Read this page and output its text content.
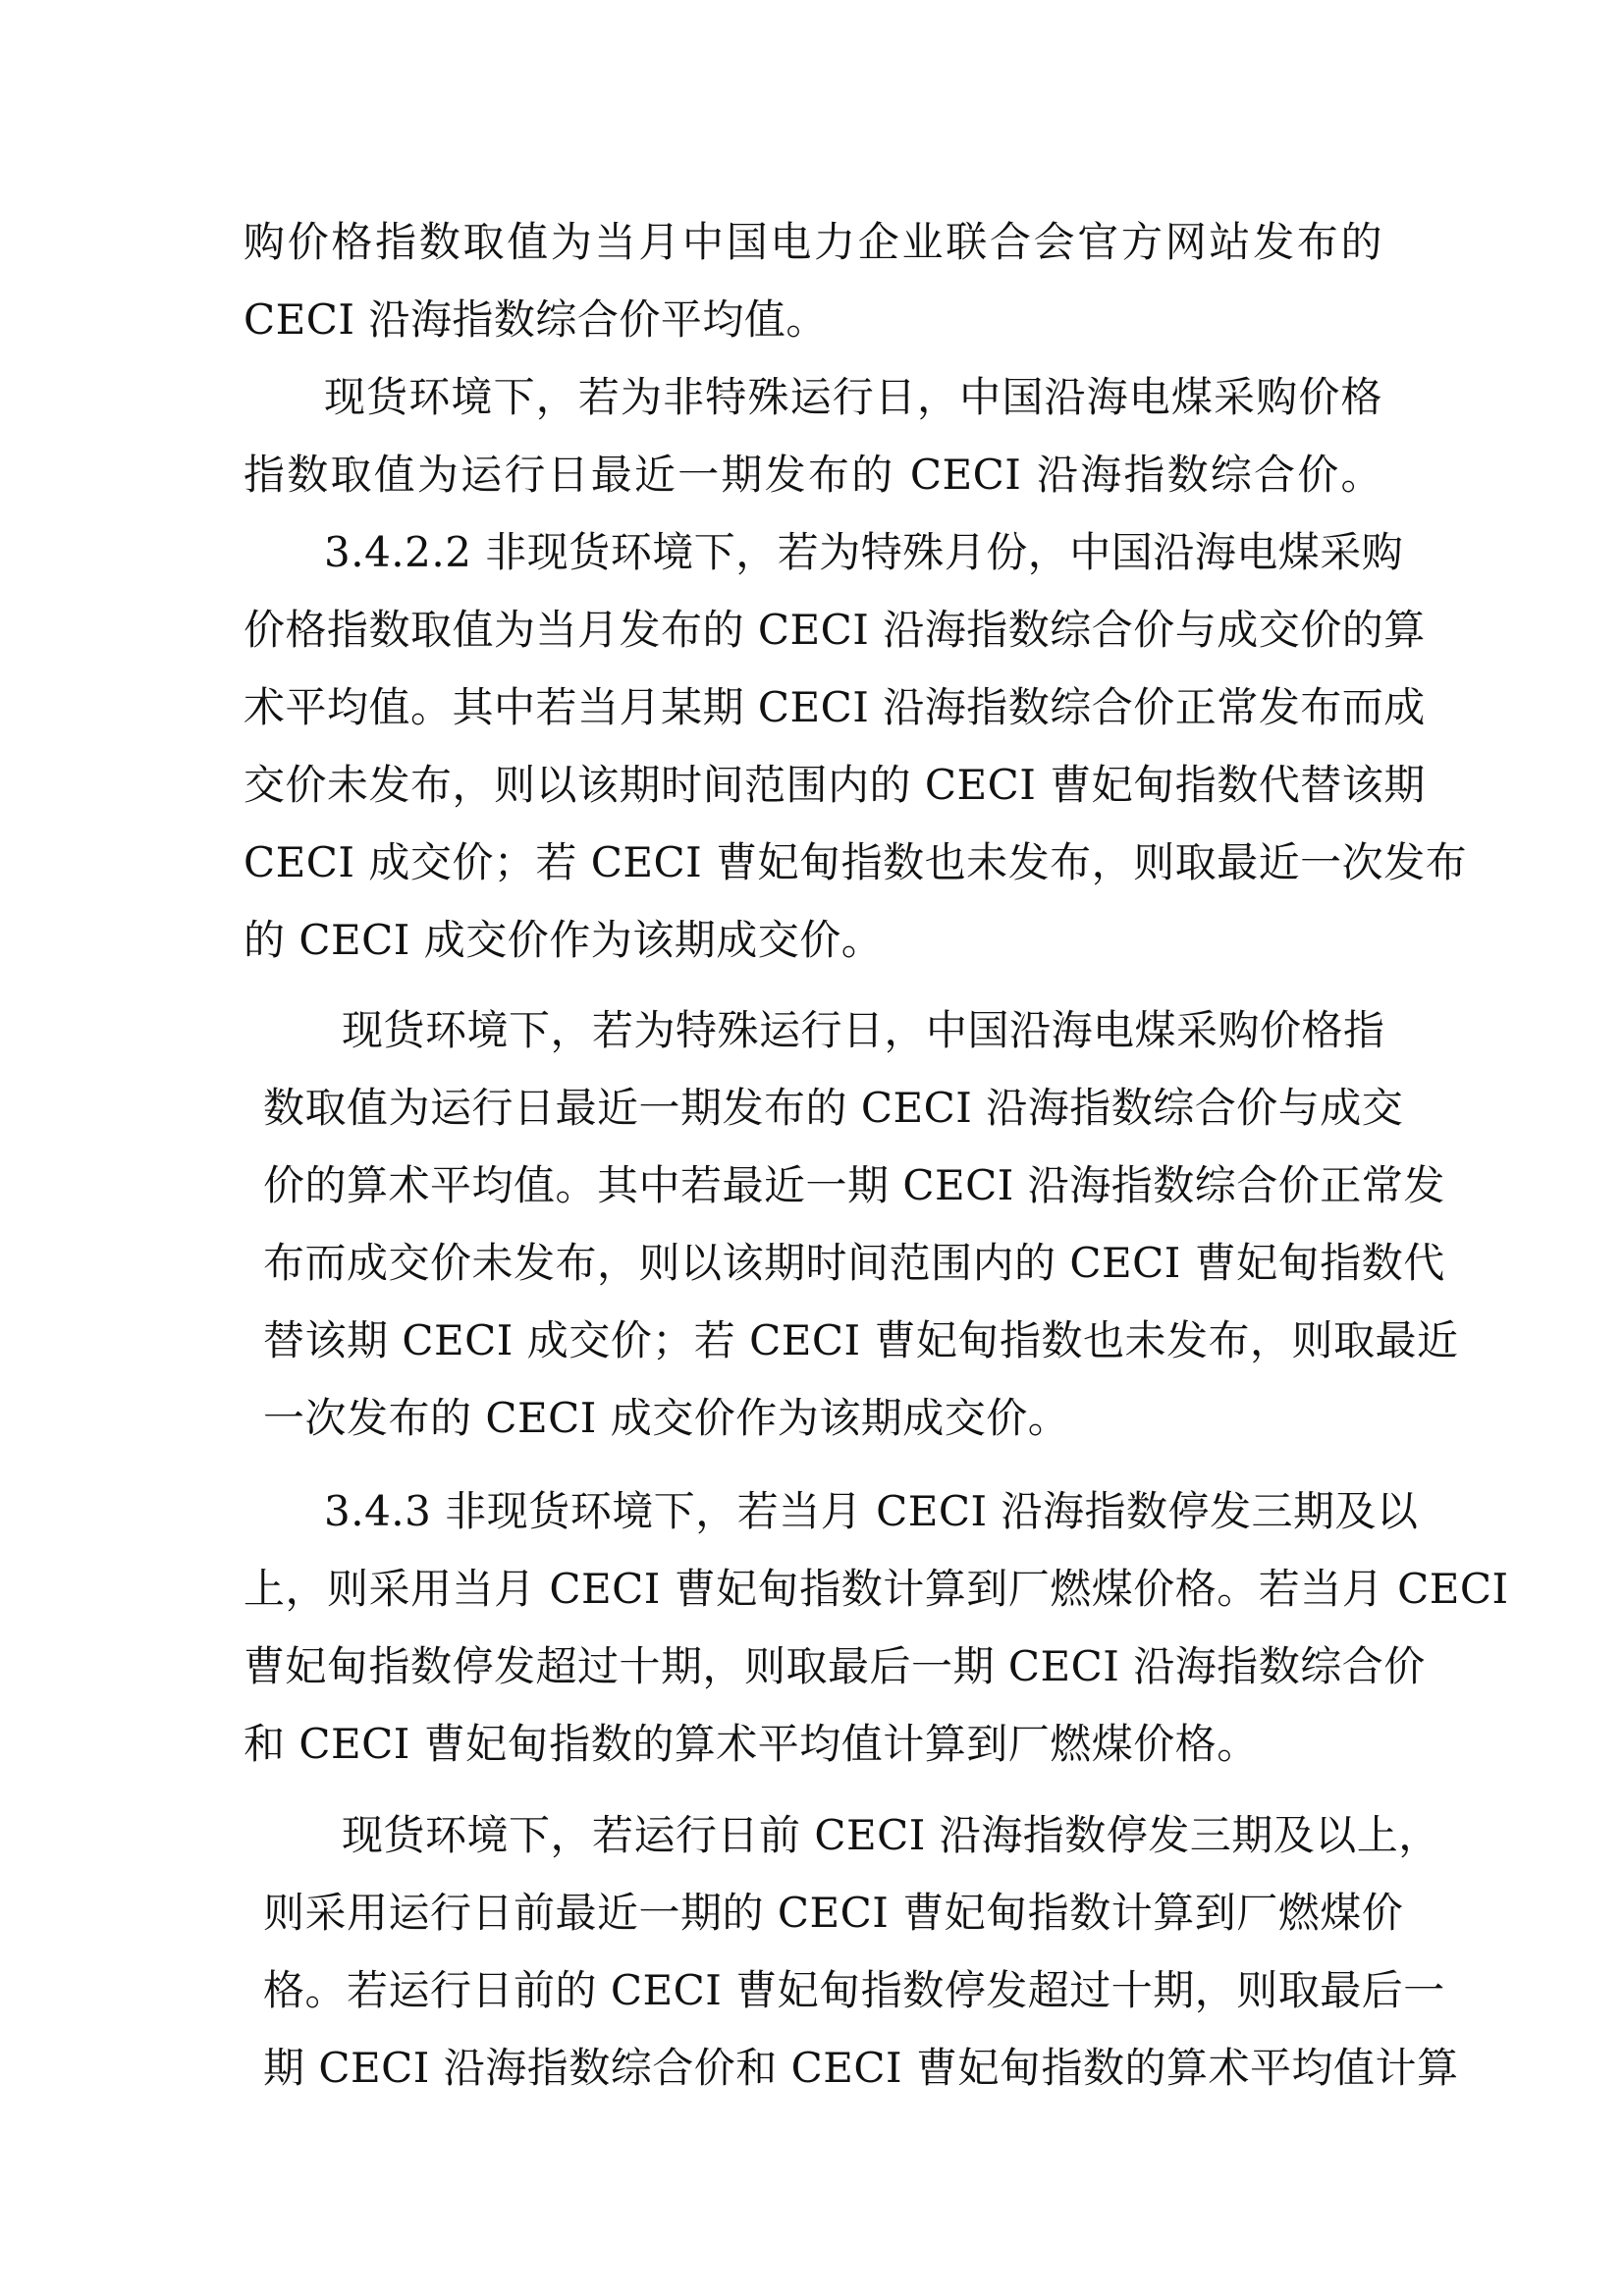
购价格指数取值为当月中国电力企业联合会官方网站发布的
CECI 沿海指数综合价平均值。
现货环境下，若为非特殊运行日，中国沿海电煤采购价格
指数取值为运行日最近一期发布的 CECI 沿海指数综合价。
3.4.2.2 非现货环境下，若为特殊月份，中国沿海电煤采购
价格指数取值为当月发布的 CECI 沿海指数综合价与成交价的算
术平均值。其中若当月某期 CECI 沿海指数综合价正常发布而成
交价未发布，则以该期时间范围内的 CECI 曹妃甸指数代替该期
CECI 成交价；若 CECI 曹妃甸指数也未发布，则取最近一次发布
的 CECI 成交价作为该期成交价。
现货环境下，若为特殊运行日，中国沿海电煤采购价格指
数取值为运行日最近一期发布的 CECI 沿海指数综合价与成交
价的算术平均值。其中若最近一期 CECI 沿海指数综合价正常发
布而成交价未发布，则以该期时间范围内的 CECI 曹妃甸指数代
替该期 CECI 成交价；若 CECI 曹妃甸指数也未发布，则取最近
一次发布的 CECI 成交价作为该期成交价。
3.4.3 非现货环境下，若当月 CECI 沿海指数停发三期及以
上，则采用当月 CECI 曹妃甸指数计算到厂燃煤价格。若当月 CECI
曹妃甸指数停发超过十期，则取最后一期 CECI 沿海指数综合价
和 CECI 曹妃甸指数的算术平均值计算到厂燃煤价格。
现货环境下，若运行日前 CECI 沿海指数停发三期及以上，
则采用运行日前最近一期的 CECI 曹妃甸指数计算到厂燃煤价
格。若运行日前的 CECI 曹妃甸指数停发超过十期，则取最后一
期 CECI 沿海指数综合价和 CECI 曹妃甸指数的算术平均值计算
